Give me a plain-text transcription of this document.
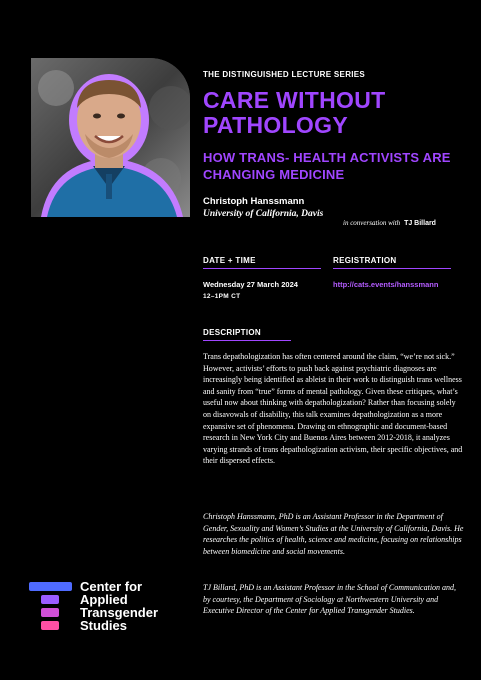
THE DISTINGUISHED LECTURE SERIES
CARE WITHOUT PATHOLOGY
HOW TRANS- HEALTH ACTIVISTS ARE CHANGING MEDICINE
Christoph Hanssmann
University of California, Davis
in conversation with TJ Billard
DATE + TIME	REGISTRATION
Wednesday 27 March 2024
12–1PM CT
http://cats.events/hanssmann
DESCRIPTION

Trans depathologization has often centered around the claim, “we’re not sick.” However, activists’ efforts to push back against psychiatric diagnoses are increasingly being identified as ableist in their work to distinguish trans wellness and sanity from “true” forms of mental pathology. Given these critiques, what’s useful now about thinking with depathologization? Rather than focusing solely on disavowals of disability, this talk examines depathologization as a more expansive set of phenomena. Drawing on ethnographic and document-based research in New York City and Buenos Aires between 2012-2018, it analyzes varying strands of trans depathologization activism, their specific objectives, and their dispersed effects.

Christoph Hanssmann, PhD is an Assistant Professor in the Department of Gender, Sexuality and Women’s Studies at the University of California, Davis. He researches the politics of health, science and medicine, focusing on relationships between biomedicine and social movements.

TJ Billard, PhD is an Assistant Professor in the School of Communication and, by courtesy, the Department of Sociology at Northwestern University and Executive Director of the Center for Applied Transgender Studies.

Center for
Applied
Transgender
Studies
